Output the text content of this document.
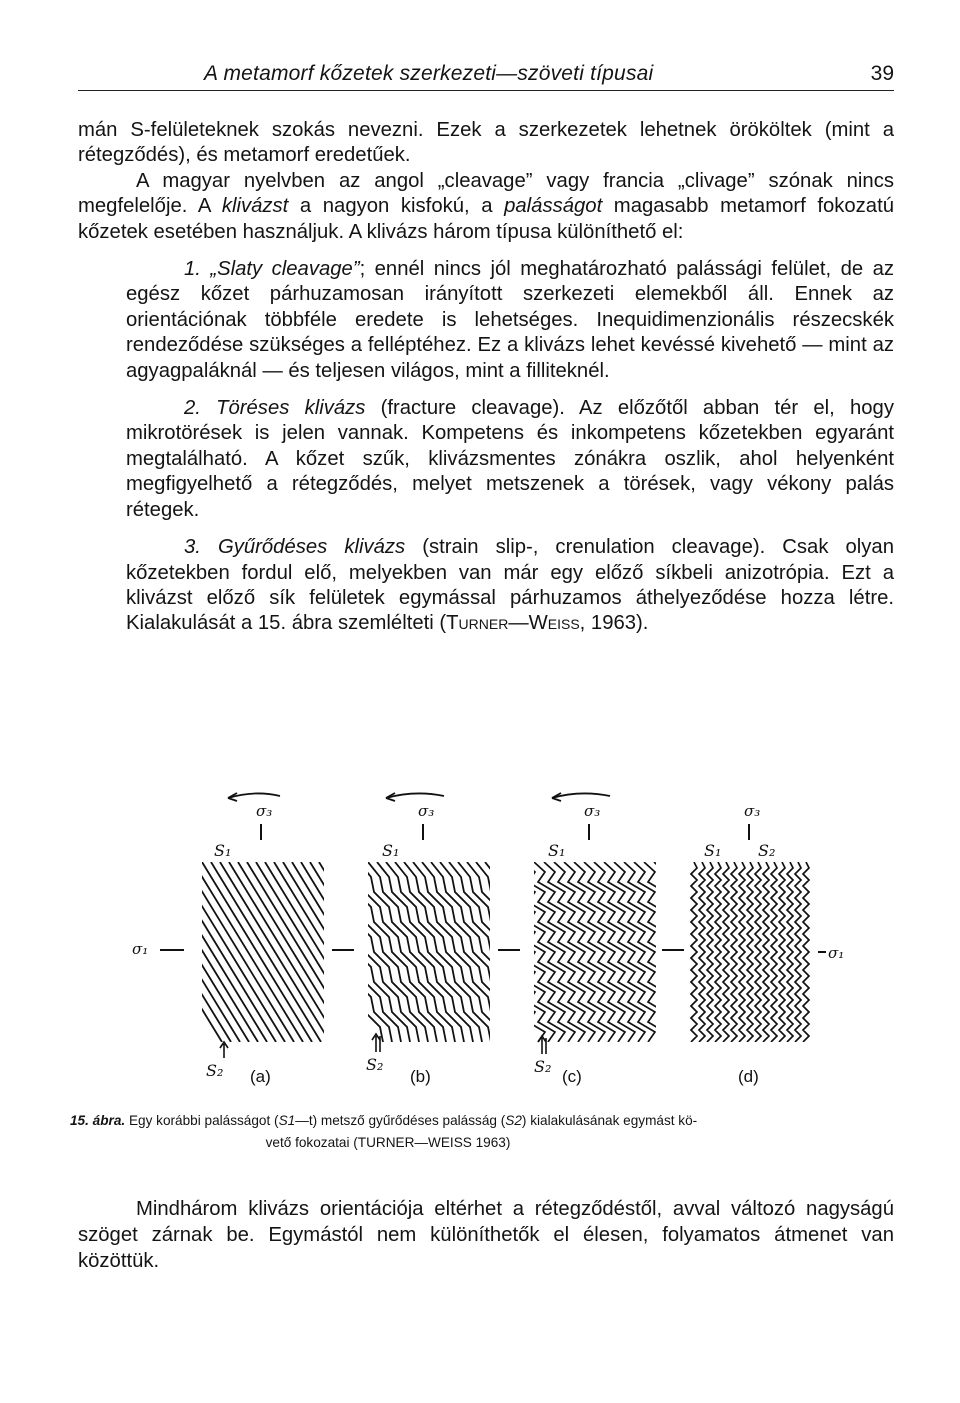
A metamorf kőzetek szerkezeti—szöveti típusai	39

mán S-felületeknek szokás nevezni. Ezek a szerkezetek lehetnek örököltek (mint a rétegződés), és metamorf eredetűek.

A magyar nyelvben az angol „cleavage” vagy francia „clivage” szónak nincs megfelelője. A klivázst a nagyon kisfokú, a palásságot magasabb metamorf fokozatú kőzetek esetében használjuk. A klivázs három típusa különíthető el:

1. „Slaty cleavage”; ennél nincs jól meghatározható palássági felület, de az egész kőzet párhuzamosan irányított szerkezeti elemekből áll. Ennek az orientációnak többféle eredete is lehetséges. Inequidimenzionális részecskék rendeződése szükséges a felléptéhez. Ez a klivázs lehet kevéssé kivehető — mint az agyagpaláknál — és teljesen világos, mint a filliteknél.

2. Töréses klivázs (fracture cleavage). Az előzőtől abban tér el, hogy mikrotörések is jelen vannak. Kompetens és inkompetens kőzetekben egyaránt megtalálható. A kőzet szűk, klivázsmentes zónákra oszlik, ahol helyenként megfigyelhető a rétegződés, melyet metszenek a törések, vagy vékony palás rétegek.

3. Gyűrődéses klivázs (strain slip-, crenulation cleavage). Csak olyan kőzetekben fordul elő, melyekben van már egy előző síkbeli anizotrópia. Ezt a klivázst előző sík felületek egymással párhuzamos áthelyeződése hozza létre. Kialakulását a 15. ábra szemlélteti (Turner—Weiss, 1963).

σ₃	σ₃	σ₃	σ₃
S₁	S₁	S₁	S₁ S₂
σ₁	σ₁
S₂	S₂	S₂
(a)	(b)	(c)	(d)
15. ábra. Egy korábbi palásságot (S1—t) metsző gyűrődéses palásság (S2) kialakulásának egymást kö-
vető fokozatai (TURNER—WEISS 1963)

Mindhárom klivázs orientációja eltérhet a rétegződéstől, avval változó nagyságú szöget zárnak be. Egymástól nem különíthetők el élesen, folyamatos átmenet van közöttük.
